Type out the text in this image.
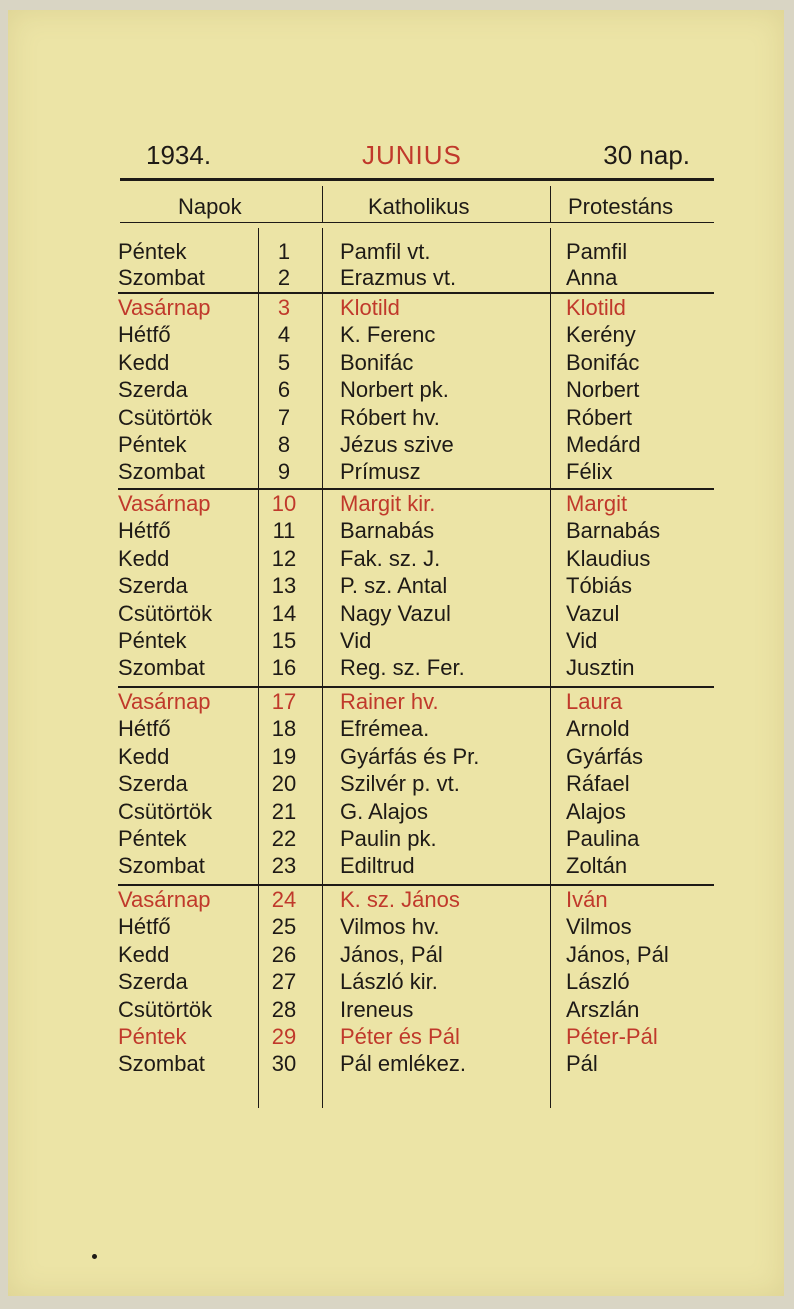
1934.	JUNIUS	30 nap.
Napok	Katholikus	Protestáns
Péntek	1	Pamfil vt.	Pamfil
Szombat	2	Erazmus vt.	Anna
Vasárnap	3	Klotild	Klotild
Hétfő	4	K. Ferenc	Kerény
Kedd	5	Bonifác	Bonifác
Szerda	6	Norbert pk.	Norbert
Csütörtök	7	Róbert hv.	Róbert
Péntek	8	Jézus szive	Medárd
Szombat	9	Prímusz	Félix
Vasárnap	10	Margit kir.	Margit
Hétfő	11	Barnabás	Barnabás
Kedd	12	Fak. sz. J.	Klaudius
Szerda	13	P. sz. Antal	Tóbiás
Csütörtök	14	Nagy Vazul	Vazul
Péntek	15	Vid	Vid
Szombat	16	Reg. sz. Fer.	Jusztin
Vasárnap	17	Rainer hv.	Laura
Hétfő	18	Efrémea.	Arnold
Kedd	19	Gyárfás és Pr.	Gyárfás
Szerda	20	Szilvér p. vt.	Ráfael
Csütörtök	21	G. Alajos	Alajos
Péntek	22	Paulin pk.	Paulina
Szombat	23	Ediltrud	Zoltán
Vasárnap	24	K. sz. János	Iván
Hétfő	25	Vilmos hv.	Vilmos
Kedd	26	János, Pál	János, Pál
Szerda	27	László kir.	László
Csütörtök	28	Ireneus	Arszlán
Péntek	29	Péter és Pál	Péter-Pál
Szombat	30	Pál emlékez.	Pál
